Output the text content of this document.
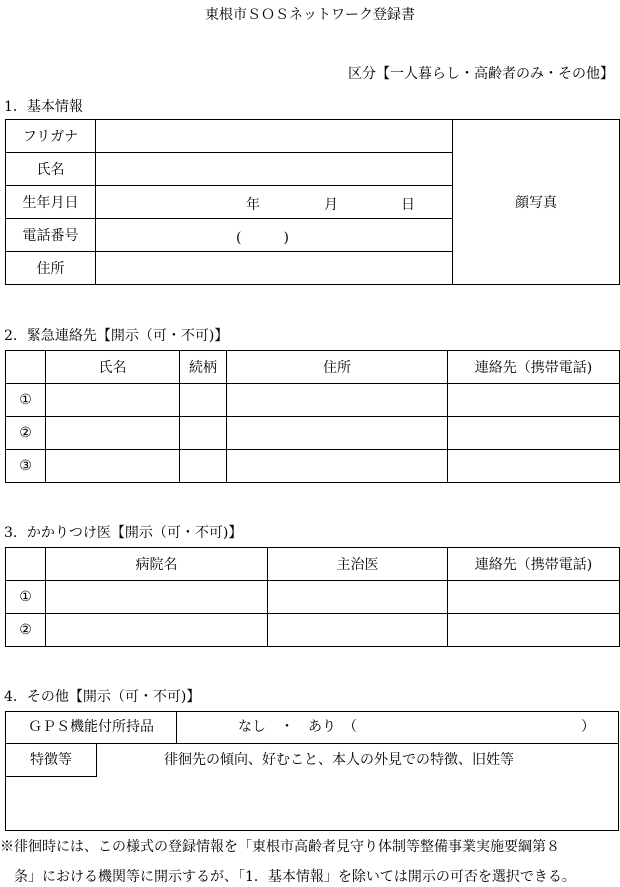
東根市ＳＯＳネットワーク登録書
区分【一人暮らし・高齢者のみ・その他】
1．基本情報
フリガナ		顔写真
氏名		
生年月日	年 月 日	

電話番号	(　　　)	

住所		
2．緊急連絡先【開示（可・不可)】
	氏名	続柄	住所	連絡先（携帯電話)
①				
②				
③				
3．かかりつけ医【開示（可・不可)】
	病院名	主治医	連絡先（携帯電話)
①			
②			
4．その他【開示（可・不可)】
ＧＰＳ機能付所持品	なし　・　あり　（　　　　　　　　　　　　　　　　）
特徴等	徘徊先の傾向、好むこと、本人の外見での特徴、旧姓等
※徘徊時には、この様式の登録情報を「東根市高齢者見守り体制等整備事業実施要綱第８
条」における機関等に開示するが、「1．基本情報」を除いては開示の可否を選択できる。
